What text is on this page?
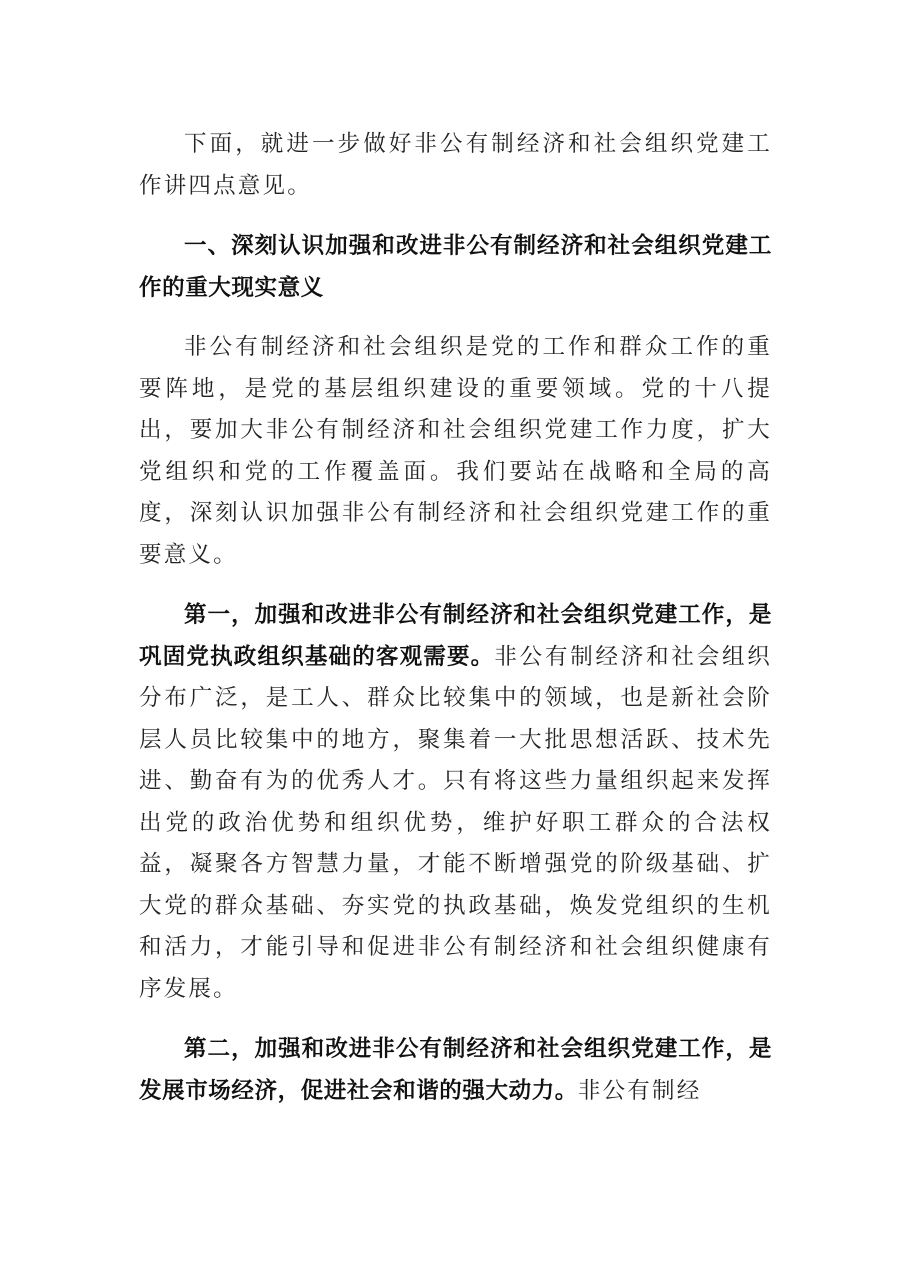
下面，就进一步做好非公有制经济和社会组织党建工作讲四点意见。

一、深刻认识加强和改进非公有制经济和社会组织党建工作的重大现实意义

非公有制经济和社会组织是党的工作和群众工作的重要阵地，是党的基层组织建设的重要领域。党的十八提出，要加大非公有制经济和社会组织党建工作力度，扩大党组织和党的工作覆盖面。我们要站在战略和全局的高度，深刻认识加强非公有制经济和社会组织党建工作的重要意义。

第一，加强和改进非公有制经济和社会组织党建工作，是巩固党执政组织基础的客观需要。非公有制经济和社会组织分布广泛，是工人、群众比较集中的领域，也是新社会阶层人员比较集中的地方，聚集着一大批思想活跃、技术先进、勤奋有为的优秀人才。只有将这些力量组织起来发挥出党的政治优势和组织优势，维护好职工群众的合法权益，凝聚各方智慧力量，才能不断增强党的阶级基础、扩大党的群众基础、夯实党的执政基础，焕发党组织的生机和活力，才能引导和促进非公有制经济和社会组织健康有序发展。

第二，加强和改进非公有制经济和社会组织党建工作，是发展市场经济，促进社会和谐的强大动力。非公有制经
